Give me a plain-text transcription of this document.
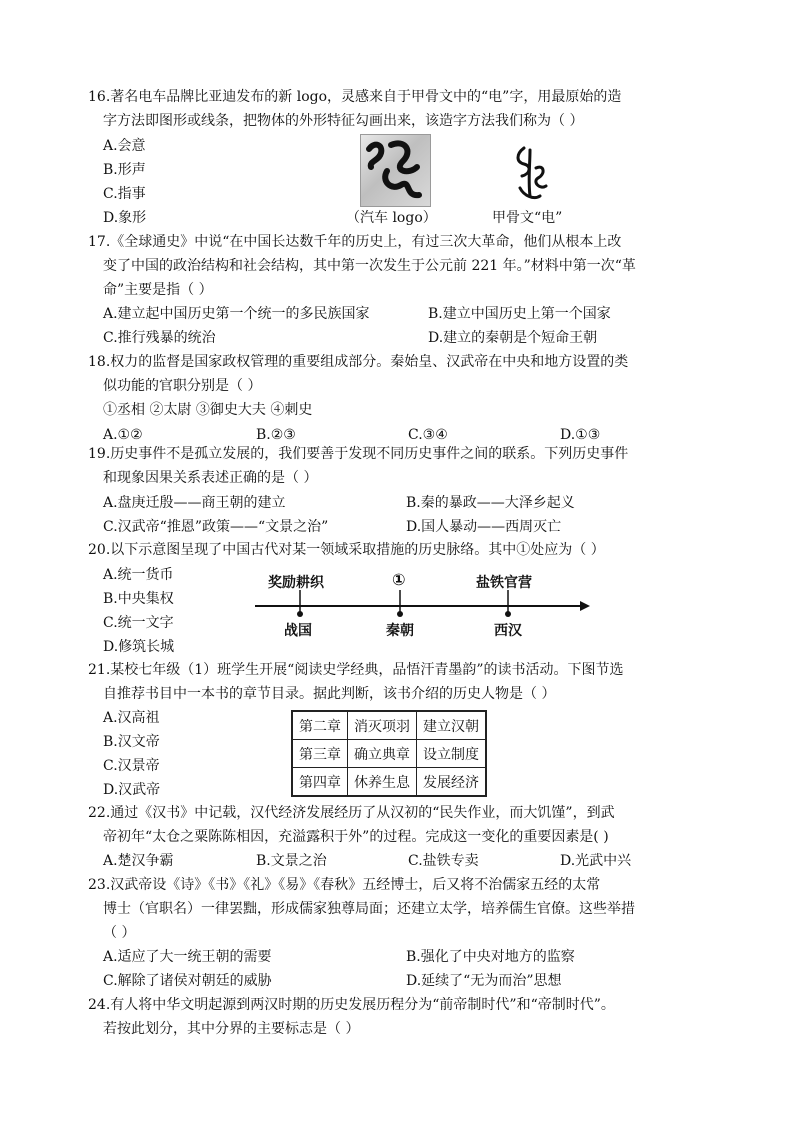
16.著名电车品牌比亚迪发布的新 logo，灵感来自于甲骨文中的“电”字，用最原始的造
字方法即图形或线条，把物体的外形特征勾画出来，该造字方法我们称为（ ）
A.会意
B.形声
C.指事
D.象形	（汽车 logo）	甲骨文“电”
17.《全球通史》中说“在中国长达数千年的历史上，有过三次大革命，他们从根本上改
变了中国的政治结构和社会结构，其中第一次发生于公元前 221 年。”材料中第一次“革
命”主要是指（ ）
A.建立起中国历史第一个统一的多民族国家	B.建立中国历史上第一个国家
C.推行残暴的统治	D.建立的秦朝是个短命王朝
18.权力的监督是国家政权管理的重要组成部分。秦始皇、汉武帝在中央和地方设置的类
似功能的官职分别是（ ）
①丞相 ②太尉 ③御史大夫 ④刺史
A.①②	B.②③	C.③④	D.①③
19.历史事件不是孤立发展的，我们要善于发现不同历史事件之间的联系。下列历史事件
和现象因果关系表述正确的是（ ）
A.盘庚迁殷——商王朝的建立	B.秦的暴政——大泽乡起义
C.汉武帝“推恩”政策——“文景之治”	D.国人暴动——西周灭亡
20.以下示意图呈现了中国古代对某一领域采取措施的历史脉络。其中①处应为（ ）
A.统一货币
B.中央集权
C.统一文字
D.修筑长城
奖励耕织	①	盐铁官营
战国	秦朝	西汉
21.某校七年级（1）班学生开展“阅读史学经典，品悟汗青墨韵”的读书活动。下图节选
自推荐书目中一本书的章节目录。据此判断，该书介绍的历史人物是（ ）
A.汉高祖
B.汉文帝
C.汉景帝
D.汉武帝
第二章	消灭项羽	建立汉朝
第三章	确立典章	设立制度
第四章	休养生息	发展经济
22.通过《汉书》中记载，汉代经济发展经历了从汉初的“民失作业，而大饥馑”，到武
帝初年“太仓之粟陈陈相因，充溢露积于外”的过程。完成这一变化的重要因素是( )
A.楚汉争霸	B.文景之治	C.盐铁专卖	D.光武中兴
23.汉武帝设《诗》《书》《礼》《易》《春秋》五经博士，后又将不治儒家五经的太常
博士（官职名）一律罢黜，形成儒家独尊局面；还建立太学，培养儒生官僚。这些举措
（ ）
A.适应了大一统王朝的需要	B.强化了中央对地方的监察
C.解除了诸侯对朝廷的威胁	D.延续了“无为而治”思想
24.有人将中华文明起源到两汉时期的历史发展历程分为“前帝制时代”和“帝制时代”。
若按此划分，其中分界的主要标志是（ ）
